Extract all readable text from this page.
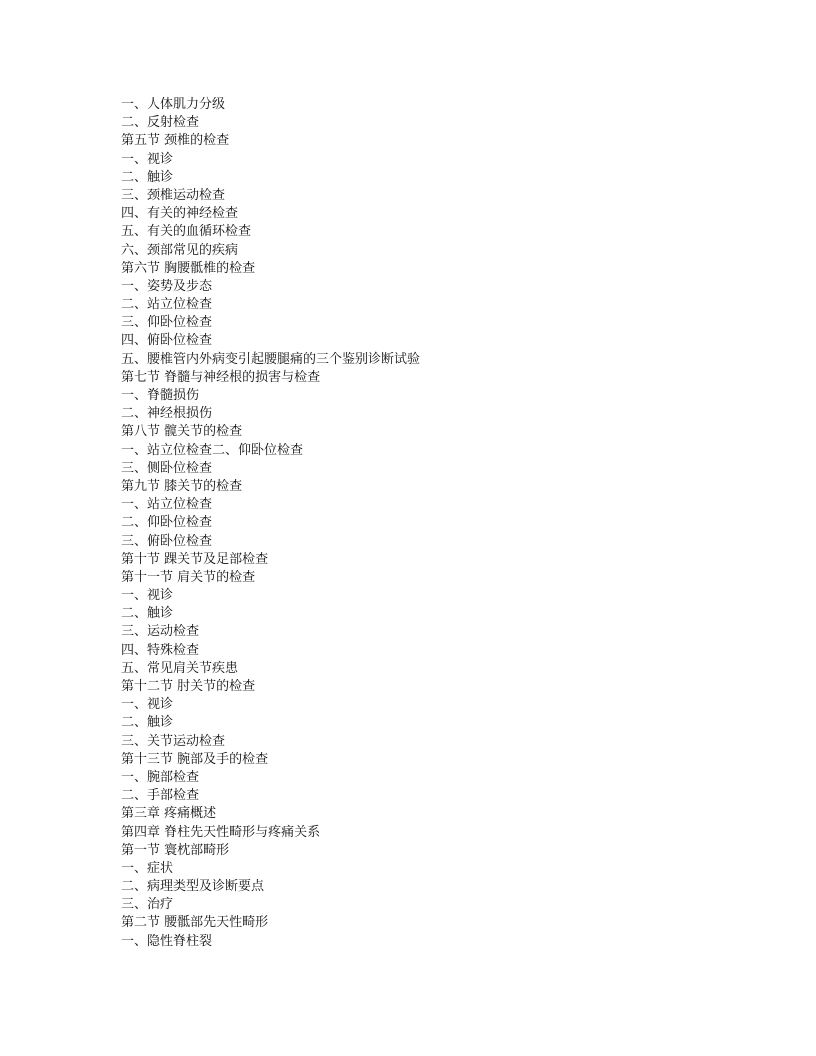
一、人体肌力分级
二、反射检查
第五节 颈椎的检查
一、视诊
二、触诊
三、颈椎运动检查
四、有关的神经检查
五、有关的血循环检查
六、颈部常见的疾病
第六节 胸腰骶椎的检查
一、姿势及步态
二、站立位检查
三、仰卧位检查
四、俯卧位检查
五、腰椎管内外病变引起腰腿痛的三个鉴别诊断试验
第七节 脊髓与神经根的损害与检查
一、脊髓损伤
二、神经根损伤
第八节 髋关节的检查
一、站立位检查二、仰卧位检查
三、侧卧位检查
第九节 膝关节的检查
一、站立位检查
二、仰卧位检查
三、俯卧位检查
第十节 踝关节及足部检查
第十一节 肩关节的检查
一、视诊
二、触诊
三、运动检查
四、特殊检查
五、常见肩关节疾患
第十二节 肘关节的检查
一、视诊
二、触诊
三、关节运动检查
第十三节 腕部及手的检查
一、腕部检查
二、手部检查
第三章 疼痛概述
第四章 脊柱先天性畸形与疼痛关系
第一节 寰枕部畸形
一、症状
二、病理类型及诊断要点
三、治疗
第二节 腰骶部先天性畸形
一、隐性脊柱裂
